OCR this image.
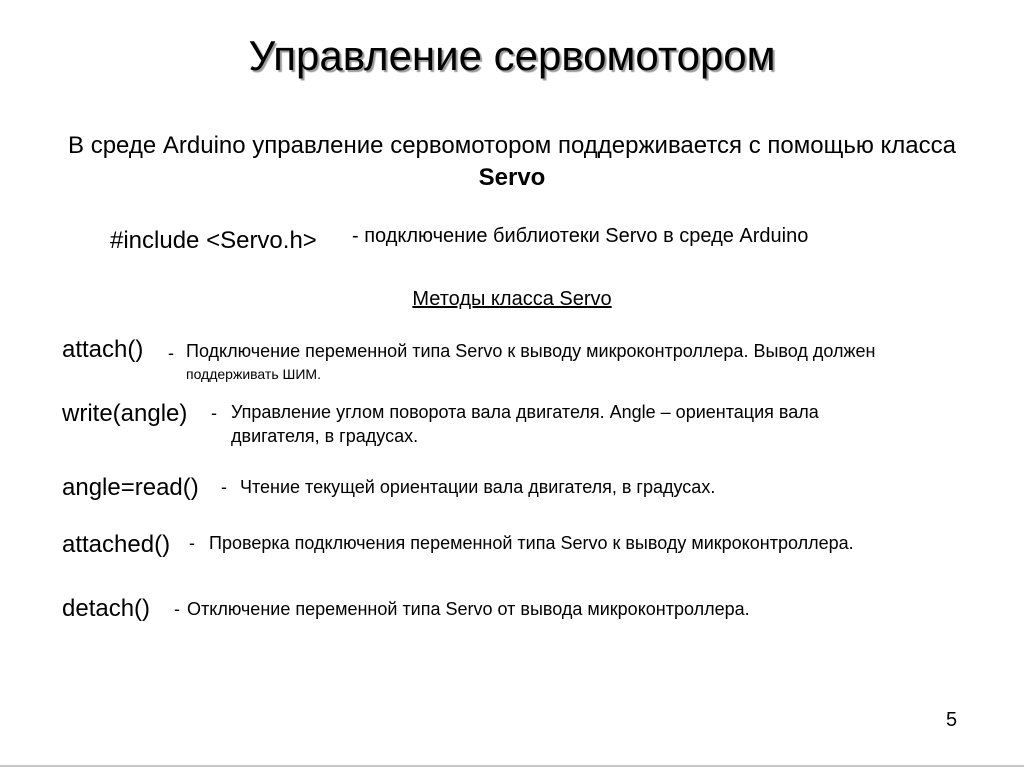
Управление сервомотором
В среде Arduino управление сервомотором поддерживается с помощью класса Servo
#include <Servo.h> - подключение библиотеки Servo в среде Arduino
Методы класса Servo
attach() - Подключение переменной типа Servo к выводу микроконтроллера. Вывод должен
поддерживать ШИМ.
write(angle) - Управление углом поворота вала двигателя. Angle – ориентация вала
двигателя, в градусах.
angle=read() - Чтение текущей ориентации вала двигателя, в градусах.
attached() - Проверка подключения переменной типа Servo к выводу микроконтроллера.
detach() - Отключение переменной типа Servo от вывода микроконтроллера.
5
